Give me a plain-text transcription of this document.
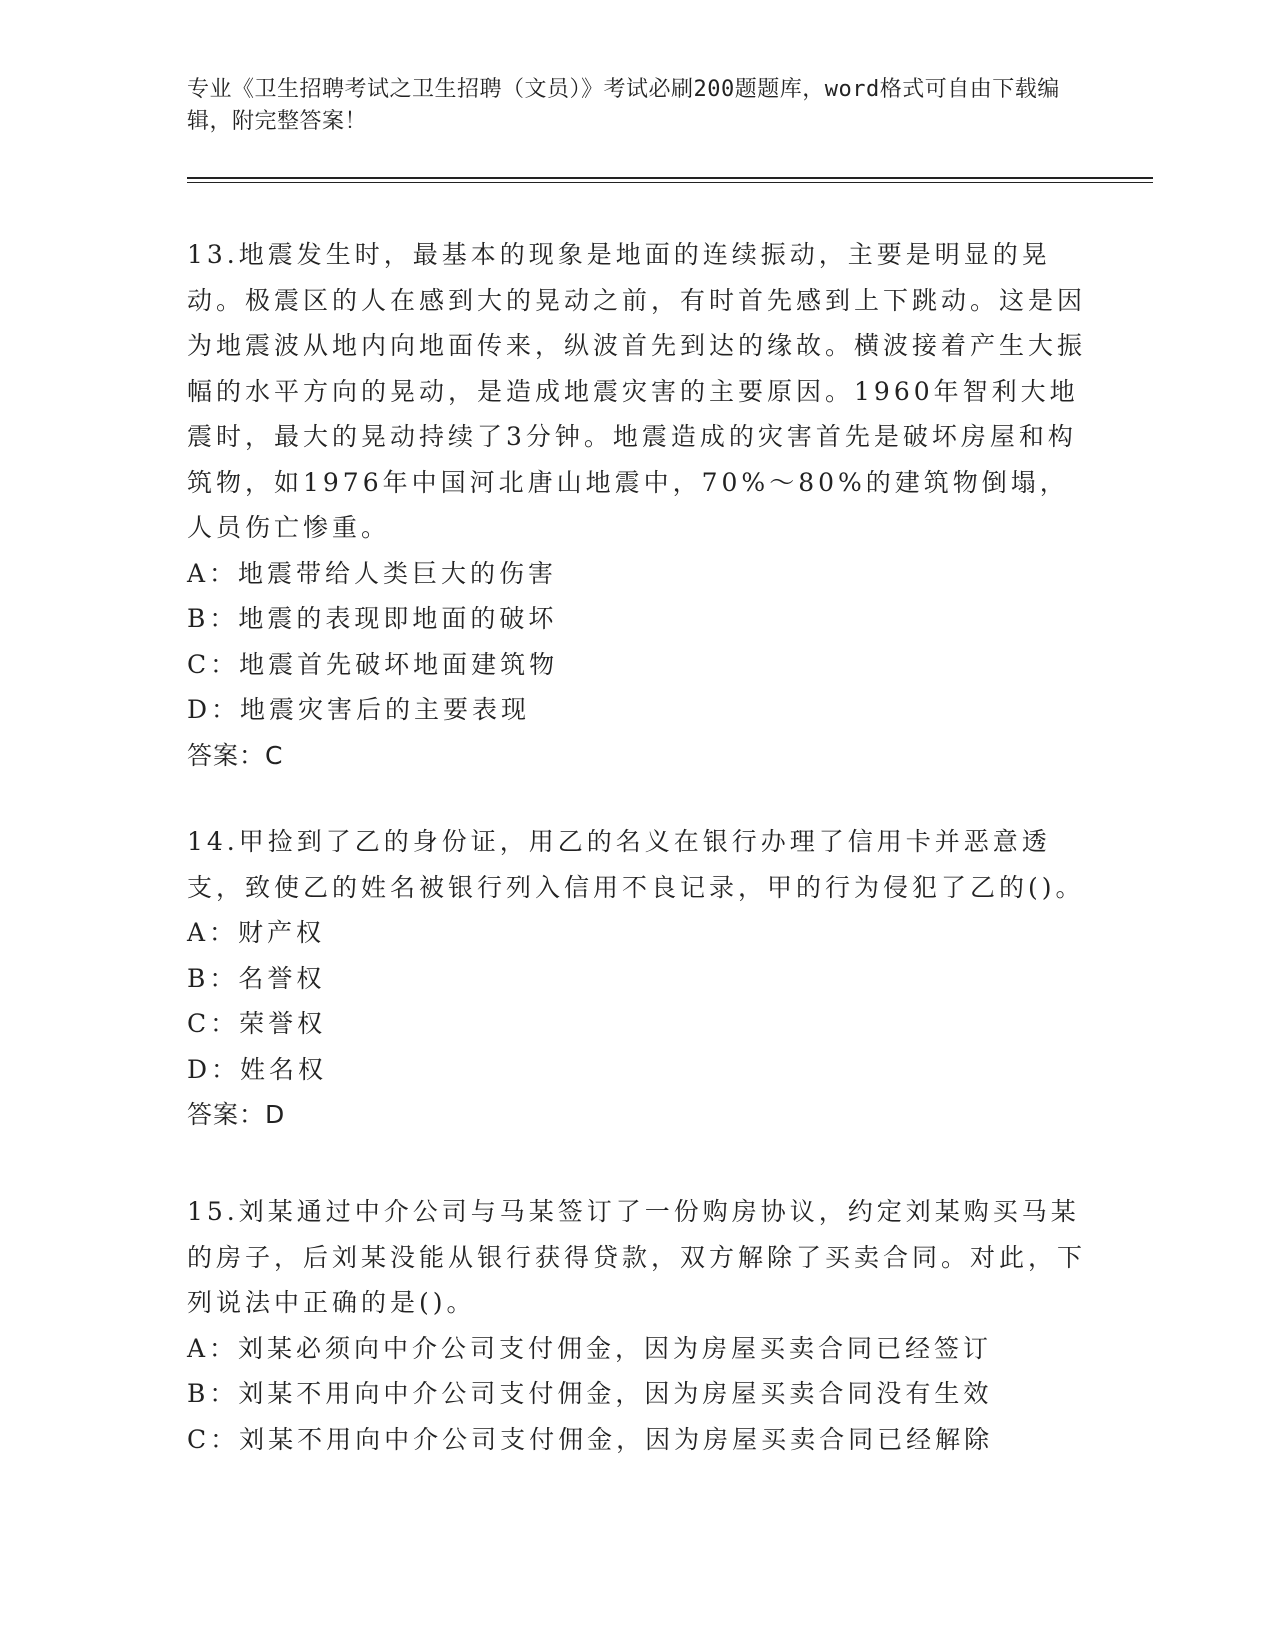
专业《卫生招聘考试之卫生招聘（文员）》考试必刷200题题库，word格式可自由下载编辑，附完整答案！

13.地震发生时，最基本的现象是地面的连续振动，主要是明显的晃动。极震区的人在感到大的晃动之前，有时首先感到上下跳动。这是因为地震波从地内向地面传来，纵波首先到达的缘故。横波接着产生大振幅的水平方向的晃动，是造成地震灾害的主要原因。1960年智利大地震时，最大的晃动持续了3分钟。地震造成的灾害首先是破坏房屋和构筑物，如1976年中国河北唐山地震中，70%～80%的建筑物倒塌，人员伤亡惨重。

A：地震带给人类巨大的伤害

B：地震的表现即地面的破坏

C：地震首先破坏地面建筑物

D：地震灾害后的主要表现

答案：C

14.甲捡到了乙的身份证，用乙的名义在银行办理了信用卡并恶意透支，致使乙的姓名被银行列入信用不良记录，甲的行为侵犯了乙的()。

A：财产权

B：名誉权

C：荣誉权

D：姓名权

答案：D

15.刘某通过中介公司与马某签订了一份购房协议，约定刘某购买马某的房子，后刘某没能从银行获得贷款，双方解除了买卖合同。对此，下列说法中正确的是()。

A：刘某必须向中介公司支付佣金，因为房屋买卖合同已经签订

B：刘某不用向中介公司支付佣金，因为房屋买卖合同没有生效

C：刘某不用向中介公司支付佣金，因为房屋买卖合同已经解除
